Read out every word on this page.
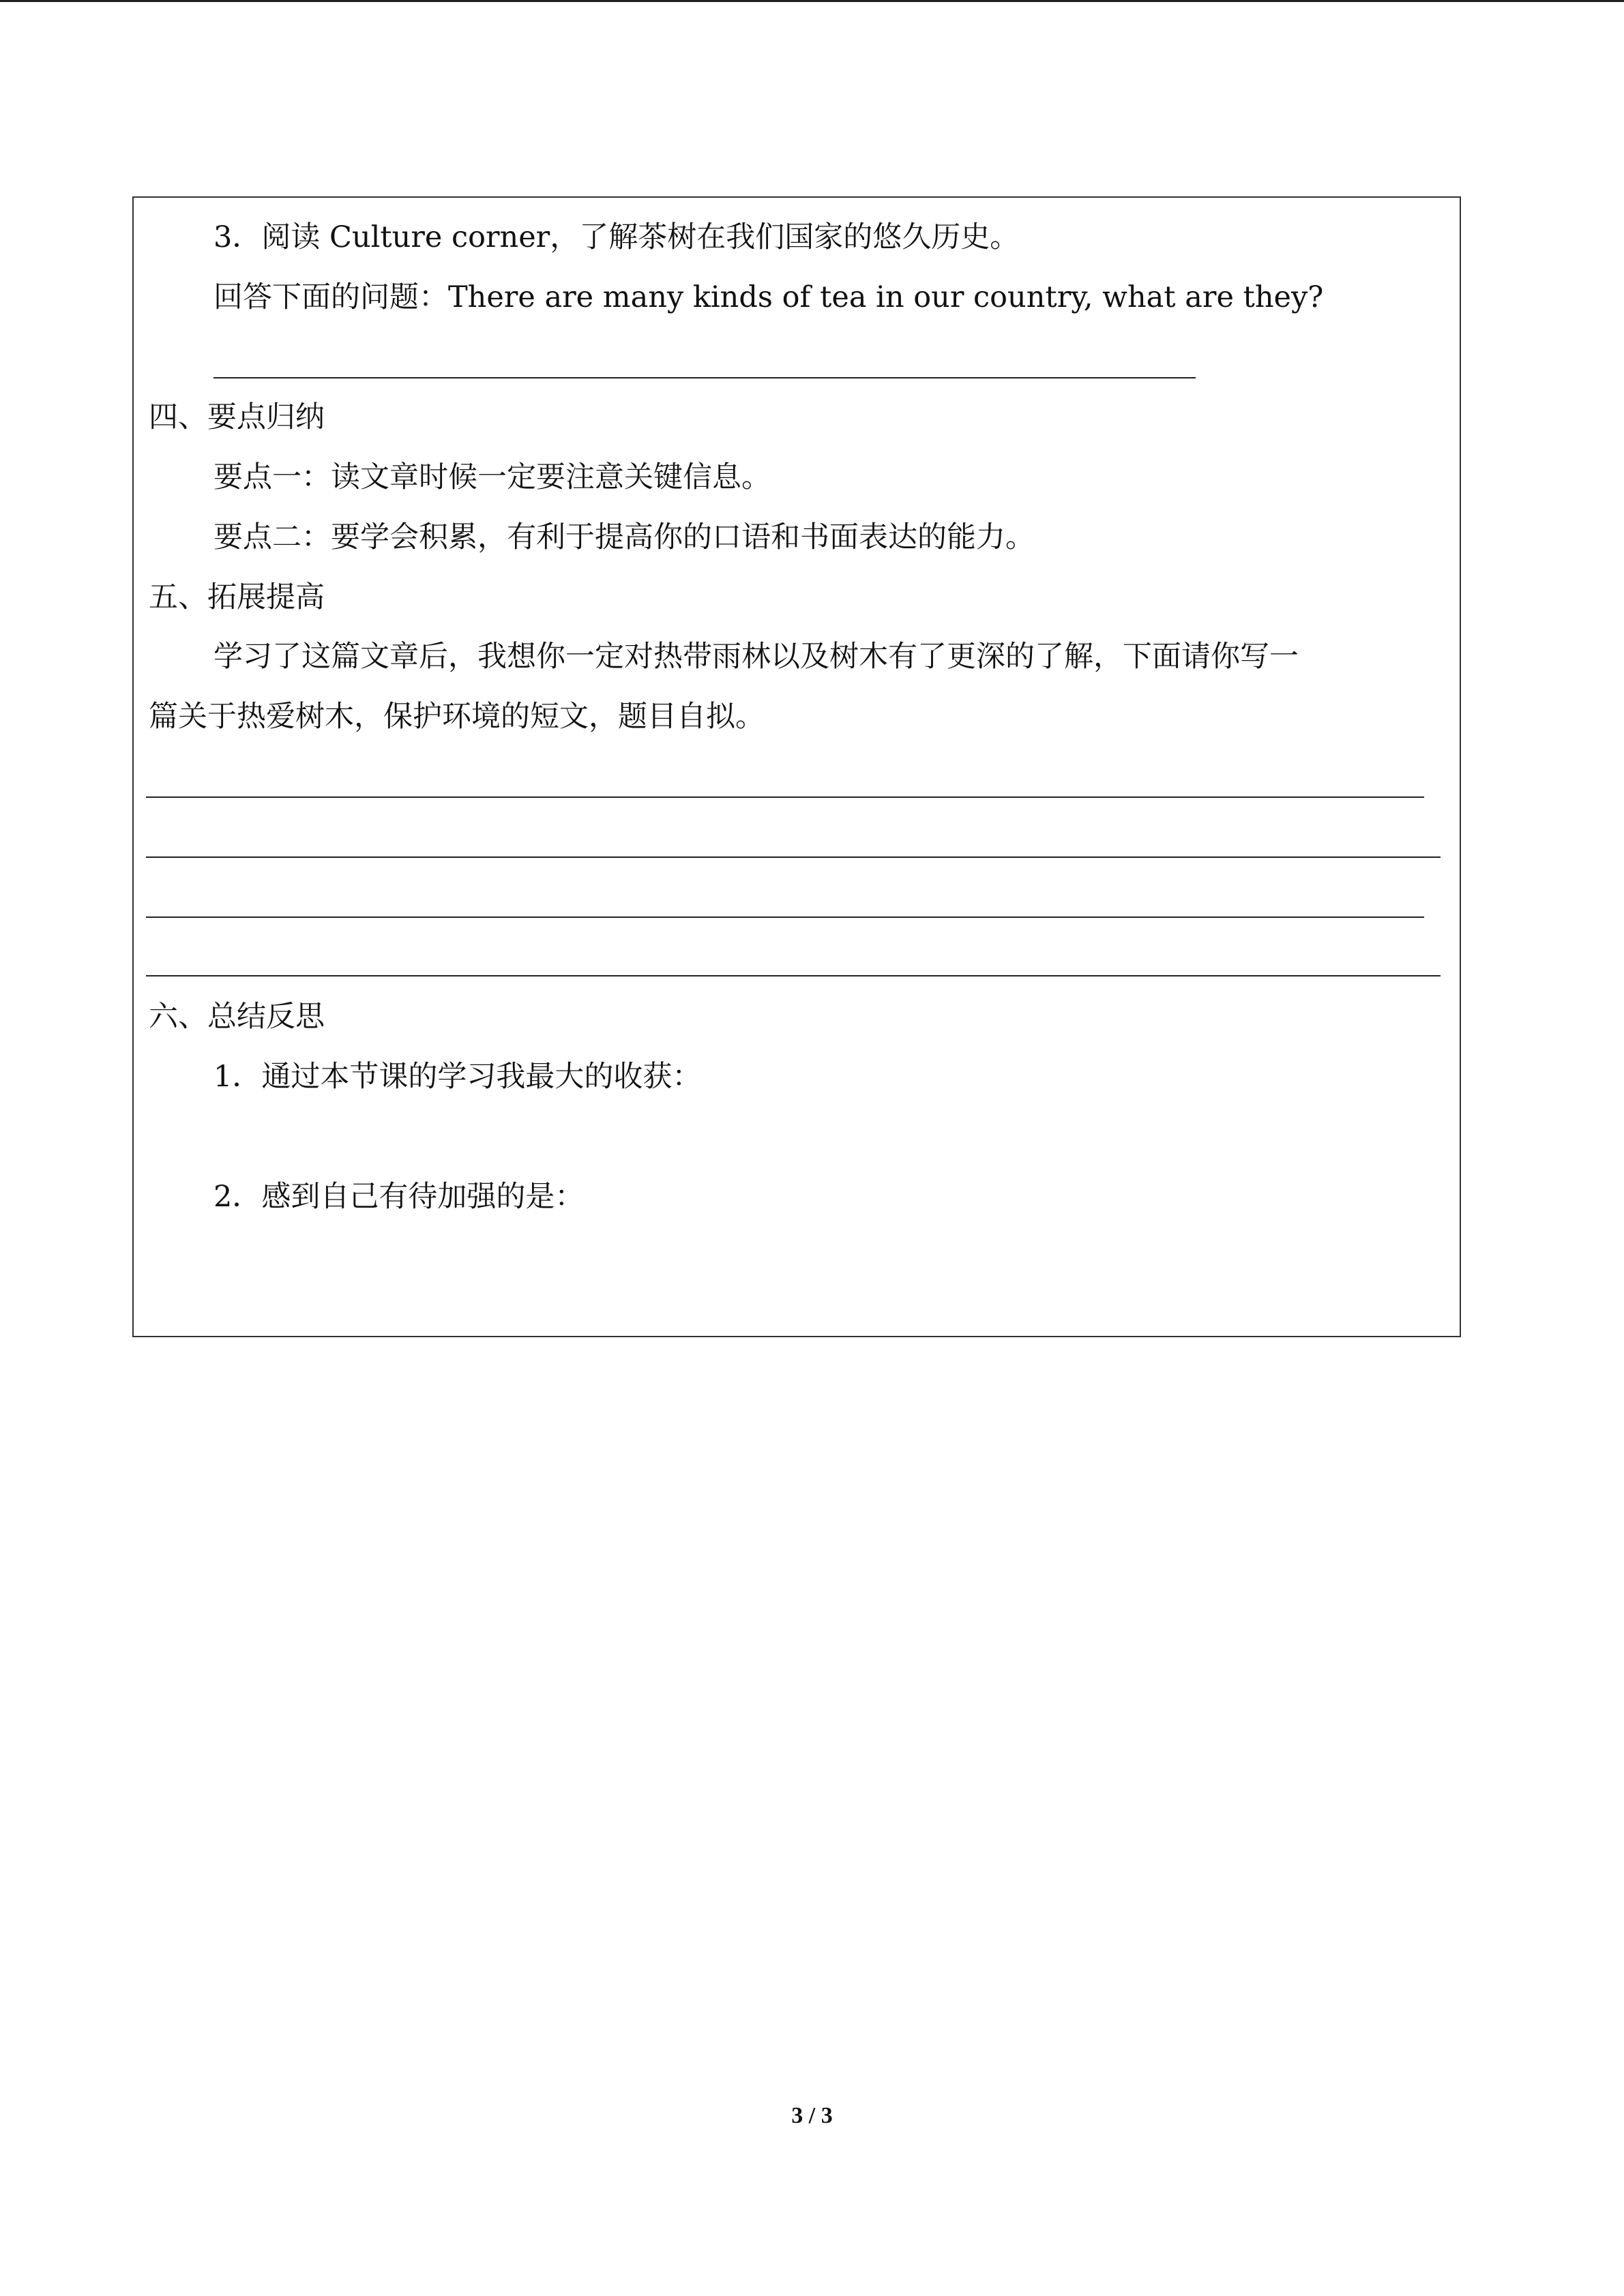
3．阅读 Culture corner，了解茶树在我们国家的悠久历史。
回答下面的问题：There are many kinds of tea in our country, what are they?
四、要点归纳
要点一：读文章时候一定要注意关键信息。
要点二：要学会积累，有利于提高你的口语和书面表达的能力。
五、拓展提高
学习了这篇文章后，我想你一定对热带雨林以及树木有了更深的了解，下面请你写一
篇关于热爱树木，保护环境的短文，题目自拟。
六、总结反思
1．通过本节课的学习我最大的收获：
2．感到自己有待加强的是：
3 / 3
